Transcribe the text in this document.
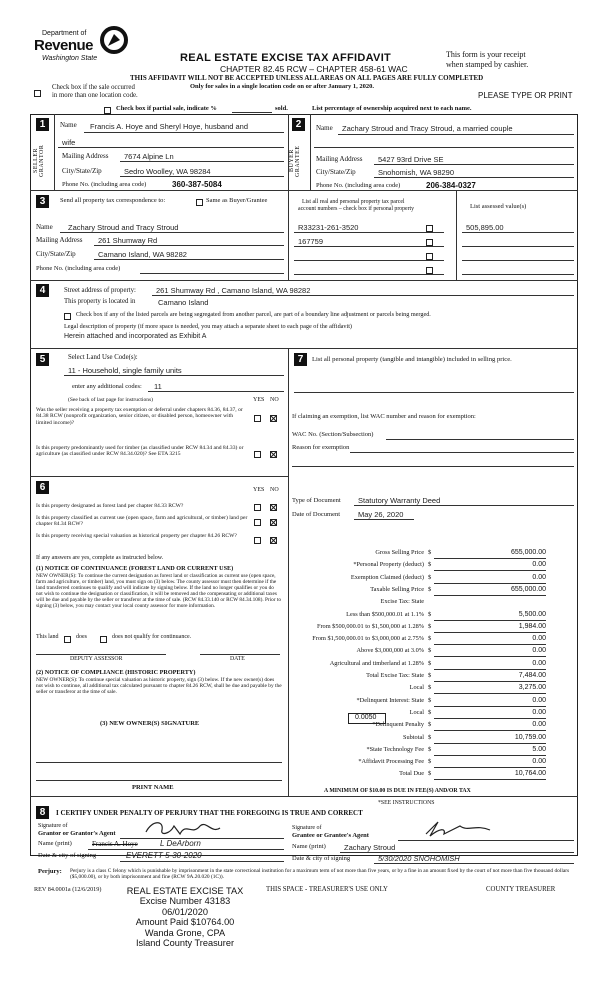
Department of
Revenue
Washington State	REAL ESTATE EXCISE TAX AFFIDAVIT
CHAPTER 82.45 RCW – CHAPTER 458-61 WAC
This form is your receipt
when stamped by cashier.
THIS AFFIDAVIT WILL NOT BE ACCEPTED UNLESS ALL AREAS ON ALL PAGES ARE FULLY COMPLETED
Only for sales in a single location code on or after January 1, 2020.
Check box if the sale occurred
in more than one location code.	PLEASE TYPE OR PRINT
Check box if partial sale, indicate %	sold.	List percentage of ownership acquired next to each name.
1
SELLER GRANTOR
Name Francis A. Hoye and Sheryl Hoye, husband and
wife
Mailing Address 7674 Alpine Ln
City/State/Zip	Sedro Woolley, WA 98284
Phone No. (including area code)	360-387-5084
2
BUYER GRANTEE
Name Zachary Stroud and Tracy Stroud, a married couple
Mailing Address 5427 93rd Drive SE
City/State/Zip	Snohomish, WA 98290
Phone No. (including area code)	206-384-0327
3	Send all property tax correspondence to:	Same as Buyer/Grantee	List all real and personal property tax parcel
account numbers – check box if personal property	List assessed value(s)
Name Zachary Stroud and Tracy Stroud
Mailing Address 261 Shumway Rd
City/State/Zip	Camano Island, WA 98282
Phone No. (including area code)
R33231-261-3520	505,895.00
167759
4	Street address of property:	261 Shumway Rd , Camano Island, WA 98282
This property is located in	Camano Island
Check box if any of the listed parcels are being segregated from another parcel, are part of a boundary line adjustment or parcels being merged.
Legal description of property (if more space is needed, you may attach a separate sheet to each page of the affidavit)
Herein attached and incorporated as Exhibit A
5	Select Land Use Code(s):
11 - Household, single family units
enter any additional codes: 11
(See back of last page for instructions)	YES NO
Was the seller receiving a property tax exemption or deferral under chapters 84.36, 84.37, or 84.38 RCW (nonprofit organization, senior citizen, or disabled person, homeowner with limited income)?
Is this property predominantly used for timber (as classified under RCW 84.34 and 84.33) or agriculture (as classified under RCW 84.34.020)? See ETA 3215
7	List all personal property (tangible and intangible) included in selling price.
If claiming an exemption, list WAC number and reason for exemption:
WAC No. (Section/Subsection)
Reason for exemption
6	YES NO
Is this property designated as forest land per chapter 84.33 RCW?
Is this property classified as current use (open space, farm and agricultural, or timber) land per chapter 84.34 RCW?
Is this property receiving special valuation as historical property per chapter 84.26 RCW?
If any answers are yes, complete as instructed below.
(1) NOTICE OF CONTINUANCE (FOREST LAND OR CURRENT USE)
NEW OWNER(S): To continue the current designation as forest land or classification as current use (open space, farm and agriculture, or timber) land, you must sign on (3) below. The county assessor must then determine if the land transferred continues to qualify and will indicate by signing below. If the land no longer qualifies or you do not wish to continue the designation or classification, it will be removed and the compensating or additional taxes will be due and payable by the seller or transferor at the time of sale. (RCW 84.33.140 or RCW 84.34.108). Prior to signing (3) below, you may contact your local county assessor for more information.
This land	does	does not qualify for continuance.
DEPUTY ASSESSOR	DATE
(2) NOTICE OF COMPLIANCE (HISTORIC PROPERTY)
NEW OWNER(S): To continue special valuation as historic property, sign (3) below. If the new owner(s) does not wish to continue, all additional tax calculated pursuant to chapter 84.26 RCW, shall be due and payable by the seller or transferor at the time of sale.
(3) NEW OWNER(S) SIGNATURE
PRINT NAME
Type of Document Statutory Warranty Deed
Date of Document May 26, 2020
Gross Selling Price $	655,000.00
*Personal Property (deduct) $	0.00
Exemption Claimed (deduct) $	0.00
Taxable Selling Price $	655,000.00
Excise Tax: State
Less than $500,000.01 at 1.1% $	5,500.00
From $500,000.01 to $1,500,000 at 1.28% $	1,984.00
From $1,500,000.01 to $3,000,000 at 2.75% $	0.00
Above $3,000,000 at 3.0% $	0.00
Agricultural and timberland at 1.28% $	0.00
Total Excise Tax: State $	7,484.00
Local $	3,275.00
*Delinquent Interest: State $	0.00
Local $	0.00
*Delinquent Penalty $	0.00
Subtotal $	10,759.00
*State Technology Fee $	5.00
*Affidavit Processing Fee $	0.00
Total Due $	10,764.00
0.0050
A MINIMUM OF $10.00 IS DUE IN FEE(S) AND/OR TAX
*SEE INSTRUCTIONS
8	I CERTIFY UNDER PENALTY OF PERJURY THAT THE FOREGOING IS TRUE AND CORRECT
Signature of
Grantor or Grantor's Agent
Name (print)	Francis A. Hoye	L DeArborn
Date & city of signing	EVERETT 5-30-2020
Signature of
Grantee or Grantee's Agent
Name (print) Zachary Stroud
Date & city of signing	5/30/2020 SNOHOMISH
Perjury: Perjury is a class C felony which is punishable by imprisonment in the state correctional institution for a maximum term of not more than five years, or by a fine in an amount fixed by the court of not more than five thousand dollars ($5,000.00), or by both imprisonment and fine (RCW 9A.20.020 (1C)).
REV 84.0001a (12/6/2019)	THIS SPACE - TREASURER'S USE ONLY	COUNTY TREASURER
REAL ESTATE EXCISE TAX
Excise Number 43183
06/01/2020
Amount Paid $10764.00
Wanda Grone, CPA
Island County Treasurer
